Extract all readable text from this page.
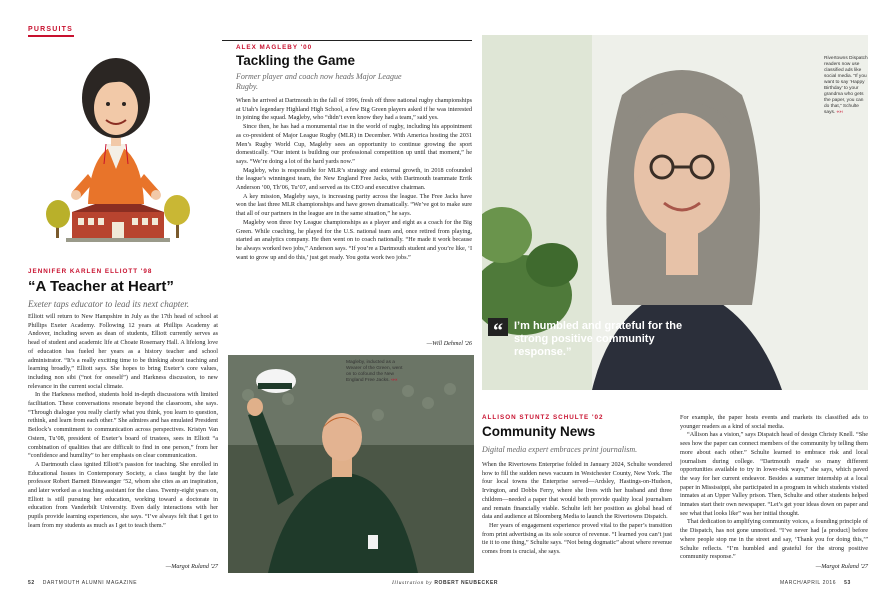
PURSUITS
JENNIFER KARLEN ELLIOTT '98
“A Teacher at Heart”
Exeter taps educator to lead its next chapter.

Elliott will return to New Hampshire in July as the 17th head of school at Phillips Exeter Academy. Following 12 years at Phillips Academy at Andover, including seven as dean of students, Elliott currently serves as head of student and academic life at Choate Rosemary Hall. A lifelong love of education has fueled her years as a history teacher and school administrator. “It’s a really exciting time to be thinking about teaching and learning broadly,” Elliott says. She hopes to bring Exeter’s core values, including non sibi (“not for oneself”) and Harkness discussion, to new relevance in the current social climate.

In the Harkness method, students hold in-depth discussions with limited facilitation. These conversations resonate beyond the classroom, she says. “Through dialogue you really clarify what you think, you learn to question, rethink, and learn from each other.” She admires and has emulated President Beilock’s commitment to communication across perspectives. Kristyn Van Ostern, Tu’08, president of Exeter’s board of trustees, sees in Elliott “a combination of qualities that are difficult to find in one person,” from her “confidence and humility” to her emphasis on clear communication.

A Dartmouth class ignited Elliott’s passion for teaching. She enrolled in Educational Issues in Contemporary Society, a class taught by the late professor Robert Barnett Binswanger ’52, whom she cites as an inspiration, and later worked as a teaching assistant for the class. Twenty-eight years on, Elliott is still pursuing her education, working toward a doctorate in education from Vanderbilt University. Even daily interactions with her pupils provide learning experiences, she says. “I’ve always felt that I get to learn from my students as much as I get to teach them.”

—Margot Ruland '27
ALEX MAGLEBY '00
Tackling the Game
Former player and coach now heads Major League Rugby.

When he arrived at Dartmouth in the fall of 1996, fresh off three national rugby championships at Utah’s legendary Highland High School, a few Big Green players asked if he was interested in joining the squad. Magleby, who “didn’t even know they had a team,” said yes.

Since then, he has had a monumental rise in the world of rugby, including his appointment as co-president of Major League Rugby (MLR) in December. With America hosting the 2031 Men’s Rugby World Cup, Magleby sees an opportunity to continue growing the sport domestically. “Our intent is building our professional competition up until that moment,” he says. “We’re doing a lot of the hard yards now.”

Magleby, who is responsible for MLR’s strategy and external growth, in 2018 cofounded the league’s winningest team, the New England Free Jacks, with Dartmouth teammate Errik Anderson ’00, Th’06, Tu’07, and served as its CEO and executive chairman.

A key mission, Magleby says, is increasing parity across the league. The Free Jacks have won the last three MLR championships and have grown dramatically. “We’ve got to make sure that all of our partners in the league are in the same situation,” he says.

Magleby won three Ivy League championships as a player and eight as a coach for the Big Green. While coaching, he played for the U.S. national team and, once retired from playing, started an analytics company. He then went on to coach nationally. “He made it work because he always worked two jobs,” Anderson says. “If you’re a Dartmouth student and you’re like, ‘I want to grow up and do this,’ just get ready. You gotta work two jobs.”

—Will Dehmel '26
Magleby, inducted as a Wearer of the Green, went on to cofound the New England Free Jacks. ‹‹‹‹
Rivertowns Dispatch readers now use classified ads like social media. “If you want to say ‘Happy Birthday’ to your grandma who gets the paper, you can do that,” Schulte says. ‹‹‹‹
“	I’m humbled and grateful for the strong positive community response.”
ALLISON STUNTZ SCHULTE '02
Community News
Digital media expert embraces print journalism.

When the Rivertowns Enterprise folded in January 2024, Schulte wondered how to fill the sudden news vacuum in Westchester County, New York. The four local towns the Enterprise served—Ardsley, Hastings-on-Hudson, Irvington, and Dobbs Ferry, where she lives with her husband and three children—needed a paper that would both provide quality local journalism and remain financially viable. Schulte left her position as global head of data and audience at Bloomberg Media to launch the Rivertowns Dispatch.

Her years of engagement experience proved vital to the paper’s transition from print advertising as its sole source of revenue. “I learned you can’t just tie it to one thing,” Schulte says. “Not being dogmatic” about where revenue comes from is crucial, she says.

For example, the paper hosts events and markets its classified ads to younger readers as a kind of social media.

“Allison has a vision,” says Dispatch head of design Christy Knell. “She sees how the paper can connect members of the community by telling them more about each other.” Schulte learned to embrace risk and local journalism during college. “Dartmouth made so many different opportunities available to try in lower-risk ways,” she says, which paved the way for her current endeavor. Besides a summer internship at a local paper in Mississippi, she participated in a program in which students visited inmates at an Upper Valley prison. Then, Schulte and other students helped inmates start their own newspaper. “Let’s get your ideas down on paper and see what that looks like” was her initial thought.

That dedication to amplifying community voices, a founding principle of the Dispatch, has not gone unnoticed. “I’ve never had [a product] before where people stop me in the street and say, ‘Thank you for doing this,’” Schulte reflects. “I’m humbled and grateful for the strong positive community response.”

—Margot Ruland '27
52 DARTMOUTH ALUMNI MAGAZINE	Illustration by ROBERT NEUBECKER	MARCH/APRIL 2016 53
